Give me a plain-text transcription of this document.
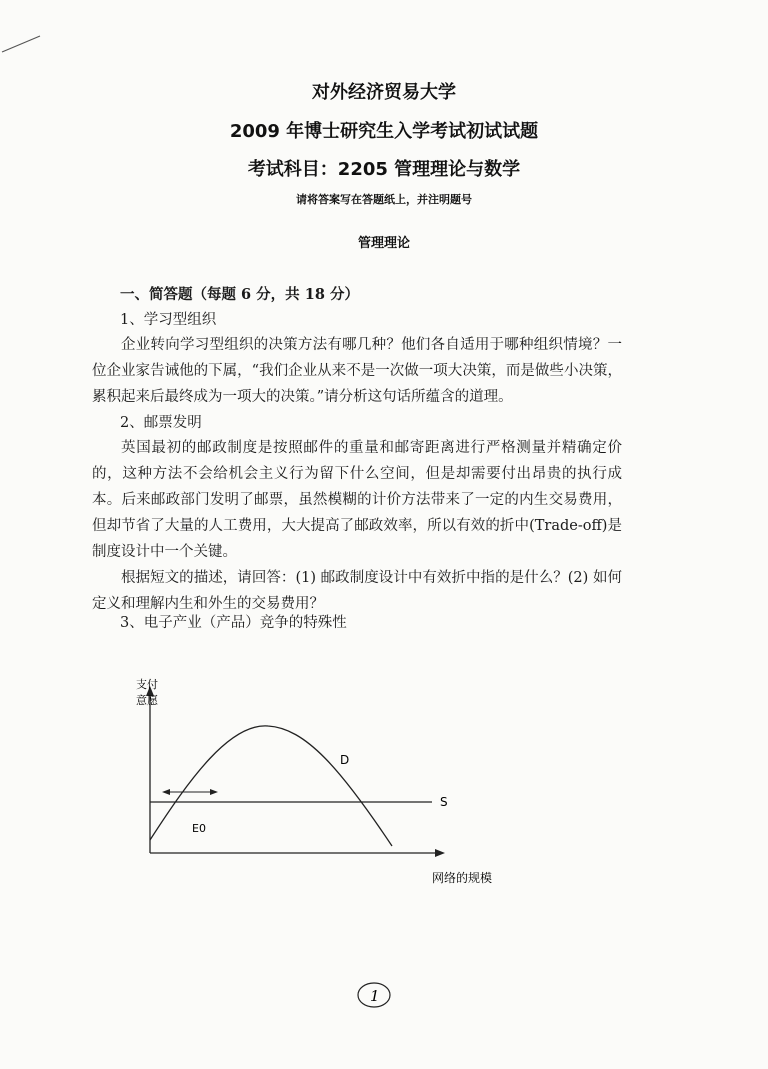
对外经济贸易大学
2009 年博士研究生入学考试初试试题
考试科目：2205 管理理论与数学
请将答案写在答题纸上，并注明题号
管理理论
一、简答题（每题 6 分，共 18 分）
1、学习型组织

企业转向学习型组织的决策方法有哪几种？他们各自适用于哪种组织情境？一位企业家告诫他的下属，“我们企业从来不是一次做一项大决策，而是做些小决策，累积起来后最终成为一项大的决策。”请分析这句话所蕴含的道理。

2、邮票发明

英国最初的邮政制度是按照邮件的重量和邮寄距离进行严格测量并精确定价的，这种方法不会给机会主义行为留下什么空间，但是却需要付出昂贵的执行成本。后来邮政部门发明了邮票，虽然模糊的计价方法带来了一定的内生交易费用，但却节省了大量的人工费用，大大提高了邮政效率，所以有效的折中(Trade-off)是制度设计中一个关键。

根据短文的描述，请回答：(1) 邮政制度设计中有效折中指的是什么？(2) 如何定义和理解内生和外生的交易费用？

3、电子产业（产品）竞争的特殊性
支付
意愿
网络的规模
S
D
E0
1
